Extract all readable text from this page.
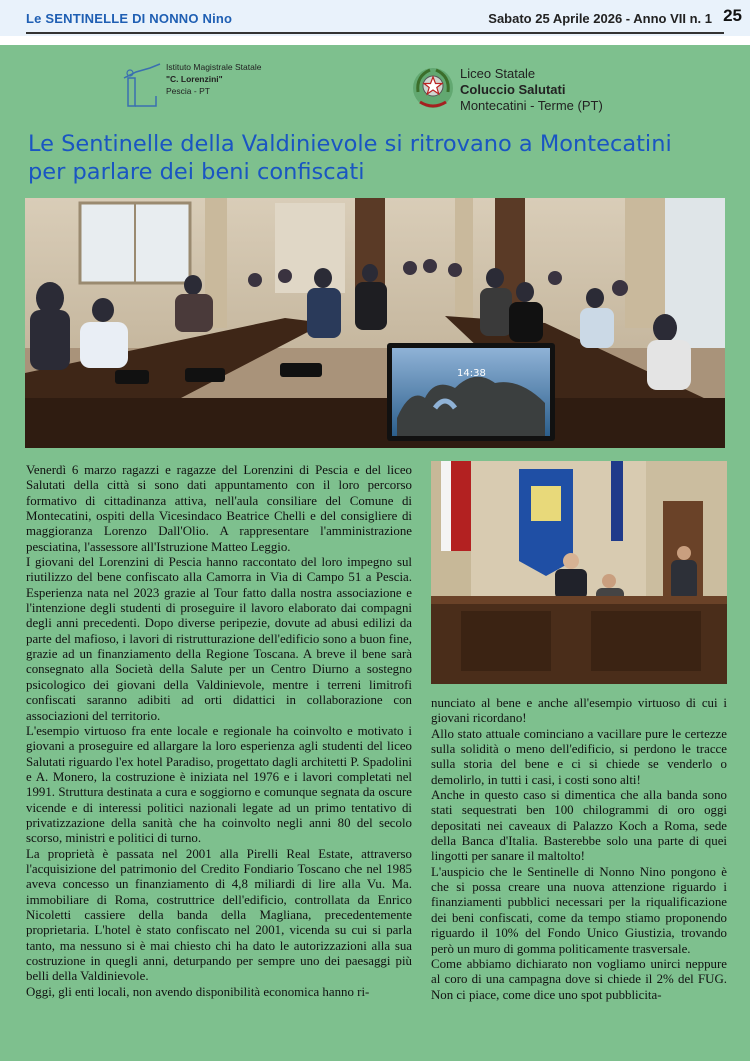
Le SENTINELLE DI NONNO Nino	Sabato 25 Aprile 2026 - Anno VII n. 1 25
Istituto Magistrale Statale
"C. Lorenzini"
Pescia - PT
Liceo Statale
Coluccio Salutati
Montecatini - Terme (PT)
Le Sentinelle della Valdinievole si ritrovano a Montecatini
per parlare dei beni confiscati
14:38

Venerdì 6 marzo ragazzi e ragazze del Lorenzini di Pescia e del liceo Salutati della città si sono dati appuntamento con il loro percorso formativo di cittadinanza attiva, nell'aula consiliare del Comune di Montecatini, ospiti della Vicesindaco Beatrice Chelli e del consigliere di maggioranza Lorenzo Dall'Olio. A rappresentare l'amministrazione pesciatina, l'assessore all'Istruzione Matteo Leggio.

I giovani del Lorenzini di Pescia hanno raccontato del loro impegno sul riutilizzo del bene confiscato alla Camorra in Via di Campo 51 a Pescia. Esperienza nata nel 2023 grazie al Tour fatto dalla nostra associazione e l'intenzione degli studenti di proseguire il lavoro elaborato dai compagni degli anni precedenti. Dopo diverse peripezie, dovute ad abusi edilizi da parte del mafioso, i lavori di ristrutturazione dell'edificio sono a buon fine, grazie ad un finanziamento della Regione Toscana. A breve il bene sarà consegnato alla Società della Salute per un Centro Diurno a sostegno psicologico dei giovani della Valdinievole, mentre i terreni limitrofi confiscati saranno adibiti ad orti didattici in collaborazione con associazioni del territorio.

L'esempio virtuoso fra ente locale e regionale ha coinvolto e motivato i giovani a proseguire ed allargare la loro esperienza agli studenti del liceo Salutati riguardo l'ex hotel Paradiso, progettato dagli architetti P. Spadolini e A. Monero, la costruzione è iniziata nel 1976 e i lavori completati nel 1991. Struttura destinata a cura e soggiorno e comunque segnata da oscure vicende e di interessi politici nazionali legate ad un primo tentativo di privatizzazione della sanità che ha coinvolto negli anni 80 del secolo scorso, ministri e politici di turno.

La proprietà è passata nel 2001 alla Pirelli Real Estate, attraverso l'acquisizione del patrimonio del Credito Fondiario Toscano che nel 1985 aveva concesso un finanziamento di 4,8 miliardi di lire alla Vu. Ma. immobiliare di Roma, costruttrice dell'edificio, controllata da Enrico Nicoletti cassiere della banda della Magliana, precedentemente proprietaria. L'hotel è stato confiscato nel 2001, vicenda su cui si parla tanto, ma nessuno si è mai chiesto chi ha dato le autorizzazioni alla sua costruzione in quegli anni, deturpando per sempre uno dei paesaggi più belli della Valdinievole.

Oggi, gli enti locali, non avendo disponibilità economica hanno ri-

nunciato al bene e anche all'esempio virtuoso di cui i giovani ricordano!

Allo stato attuale cominciano a vacillare pure le certezze sulla solidità o meno dell'edificio, si perdono le tracce sulla storia del bene e ci si chiede se venderlo o demolirlo, in tutti i casi, i costi sono alti!

Anche in questo caso si dimentica che alla banda sono stati sequestrati ben 100 chilogrammi di oro oggi depositati nei caveaux di Palazzo Koch a Roma, sede della Banca d'Italia. Basterebbe solo una parte di quei lingotti per sanare il maltolto!

L'auspicio che le Sentinelle di Nonno Nino pongono è che si possa creare una nuova attenzione riguardo i finanziamenti pubblici necessari per la riqualificazione dei beni confiscati, come da tempo stiamo proponendo riguardo il 10% del Fondo Unico Giustizia, trovando però un muro di gomma politicamente trasversale.

Come abbiamo dichiarato non vogliamo unirci neppure al coro di una campagna dove si chiede il 2% del FUG. Non ci piace, come dice uno spot pubblicita-
